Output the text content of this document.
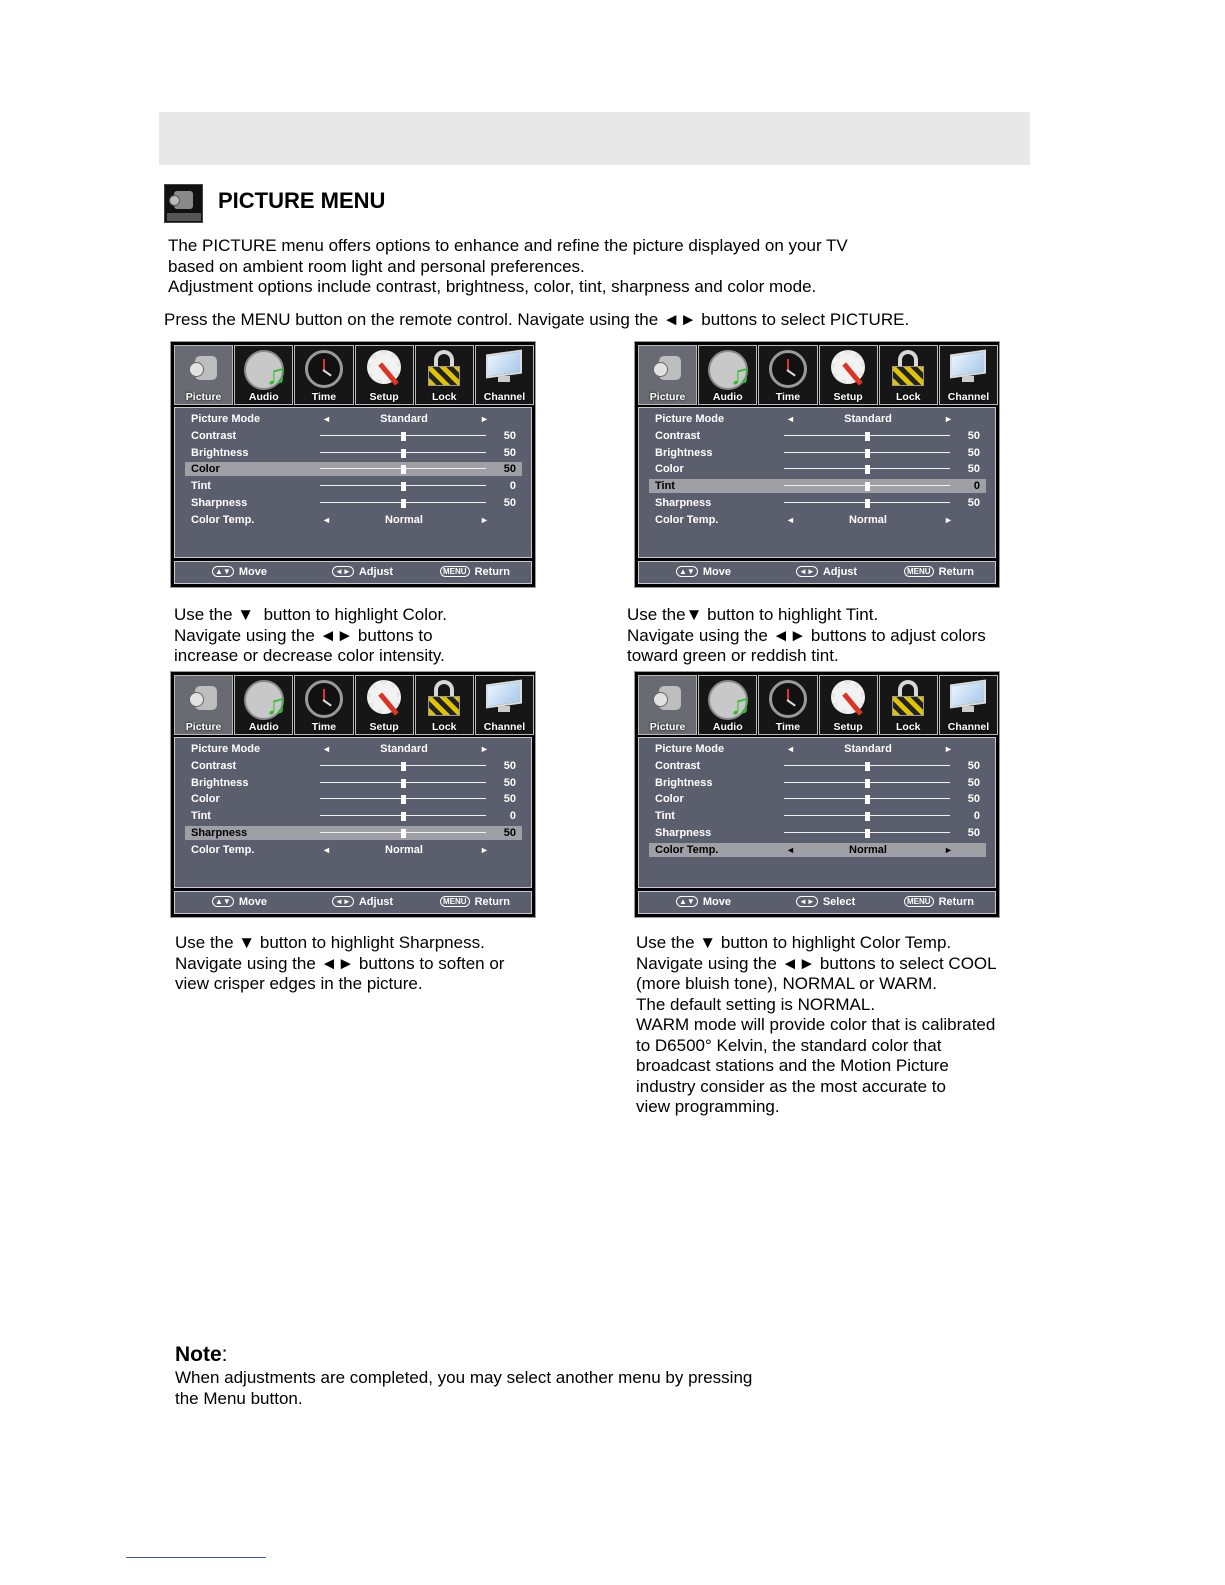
PICTURE MENU
The PICTURE menu offers options to enhance and refine the picture displayed on your TV
based on ambient room light and personal preferences.
Adjustment options include contrast, brightness, color, tint, sharpness and color mode.
Press the MENU button on the remote control. Navigate using the ◄► buttons to select PICTURE.
Picture
♫
Audio	Time	Setup	Lock	Channel
Picture Mode	◄	Standard	►
Contrast	50
Brightness	50
Color	50
Tint	0
Sharpness	50
Color Temp.	◄	Normal	►
▲▼ Move	◄► Adjust	MENU Return
Picture
♫
Audio	Time	Setup	Lock	Channel
Picture Mode	◄	Standard	►
Contrast	50
Brightness	50
Color	50
Tint	0
Sharpness	50
Color Temp.	◄	Normal	►
▲▼ Move	◄► Adjust	MENU Return
Picture
♫
Audio	Time	Setup	Lock	Channel
Picture Mode	◄	Standard	►
Contrast	50
Brightness	50
Color	50
Tint	0
Sharpness	50
Color Temp.	◄	Normal	►
▲▼ Move	◄► Adjust	MENU Return
Picture
♫
Audio	Time	Setup	Lock	Channel
Picture Mode	◄	Standard	►
Contrast	50
Brightness	50
Color	50
Tint	0
Sharpness	50
Color Temp.	◄	Normal	►
▲▼ Move	◄► Select	MENU Return
Use the ▼  button to highlight Color.
Navigate using the ◄► buttons to
increase or decrease color intensity.
Use the▼ button to highlight Tint.
Navigate using the ◄► buttons to adjust colors
toward green or reddish tint.
Use the ▼ button to highlight Sharpness.
Navigate using the ◄► buttons to soften or
view crisper edges in the picture.
Use the ▼ button to highlight Color Temp.
Navigate using the ◄► buttons to select COOL
(more bluish tone), NORMAL or WARM.
The default setting is NORMAL.
WARM mode will provide color that is calibrated
to D6500° Kelvin, the standard color that
broadcast stations and the Motion Picture
industry consider as the most accurate to
view programming.
Note:
When adjustments are completed, you may select another menu by pressing
the Menu button.
